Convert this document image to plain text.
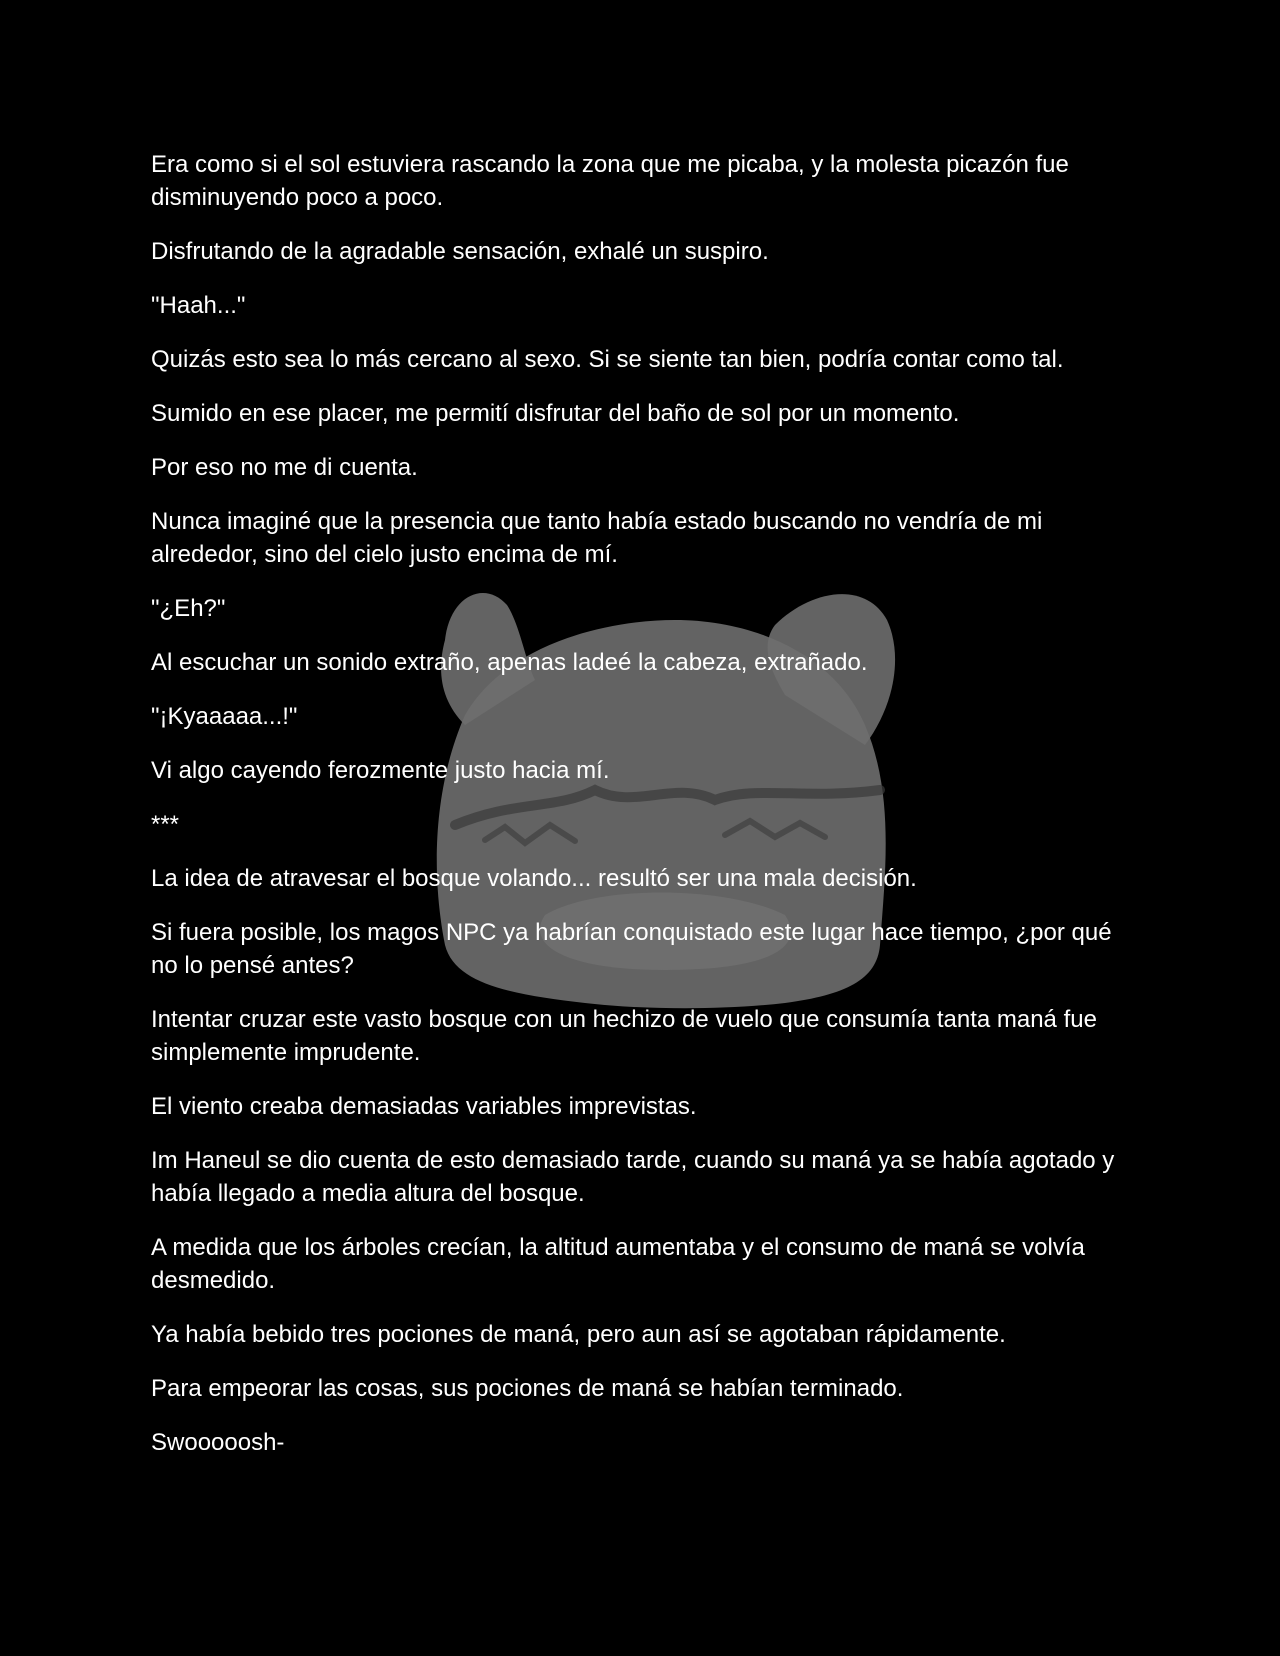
Era como si el sol estuviera rascando la zona que me picaba, y la molesta picazón fue disminuyendo poco a poco.

Disfrutando de la agradable sensación, exhalé un suspiro.

"Haah..."

Quizás esto sea lo más cercano al sexo. Si se siente tan bien, podría contar como tal.

Sumido en ese placer, me permití disfrutar del baño de sol por un momento.

Por eso no me di cuenta.

Nunca imaginé que la presencia que tanto había estado buscando no vendría de mi alrededor, sino del cielo justo encima de mí.

"¿Eh?"

Al escuchar un sonido extraño, apenas ladeé la cabeza, extrañado.

"¡Kyaaaaa...!"

Vi algo cayendo ferozmente justo hacia mí.

***

La idea de atravesar el bosque volando... resultó ser una mala decisión.

Si fuera posible, los magos NPC ya habrían conquistado este lugar hace tiempo, ¿por qué no lo pensé antes?

Intentar cruzar este vasto bosque con un hechizo de vuelo que consumía tanta maná fue simplemente imprudente.

El viento creaba demasiadas variables imprevistas.

Im Haneul se dio cuenta de esto demasiado tarde, cuando su maná ya se había agotado y había llegado a media altura del bosque.

A medida que los árboles crecían, la altitud aumentaba y el consumo de maná se volvía desmedido.

Ya había bebido tres pociones de maná, pero aun así se agotaban rápidamente.

Para empeorar las cosas, sus pociones de maná se habían terminado.

Swooooosh-
